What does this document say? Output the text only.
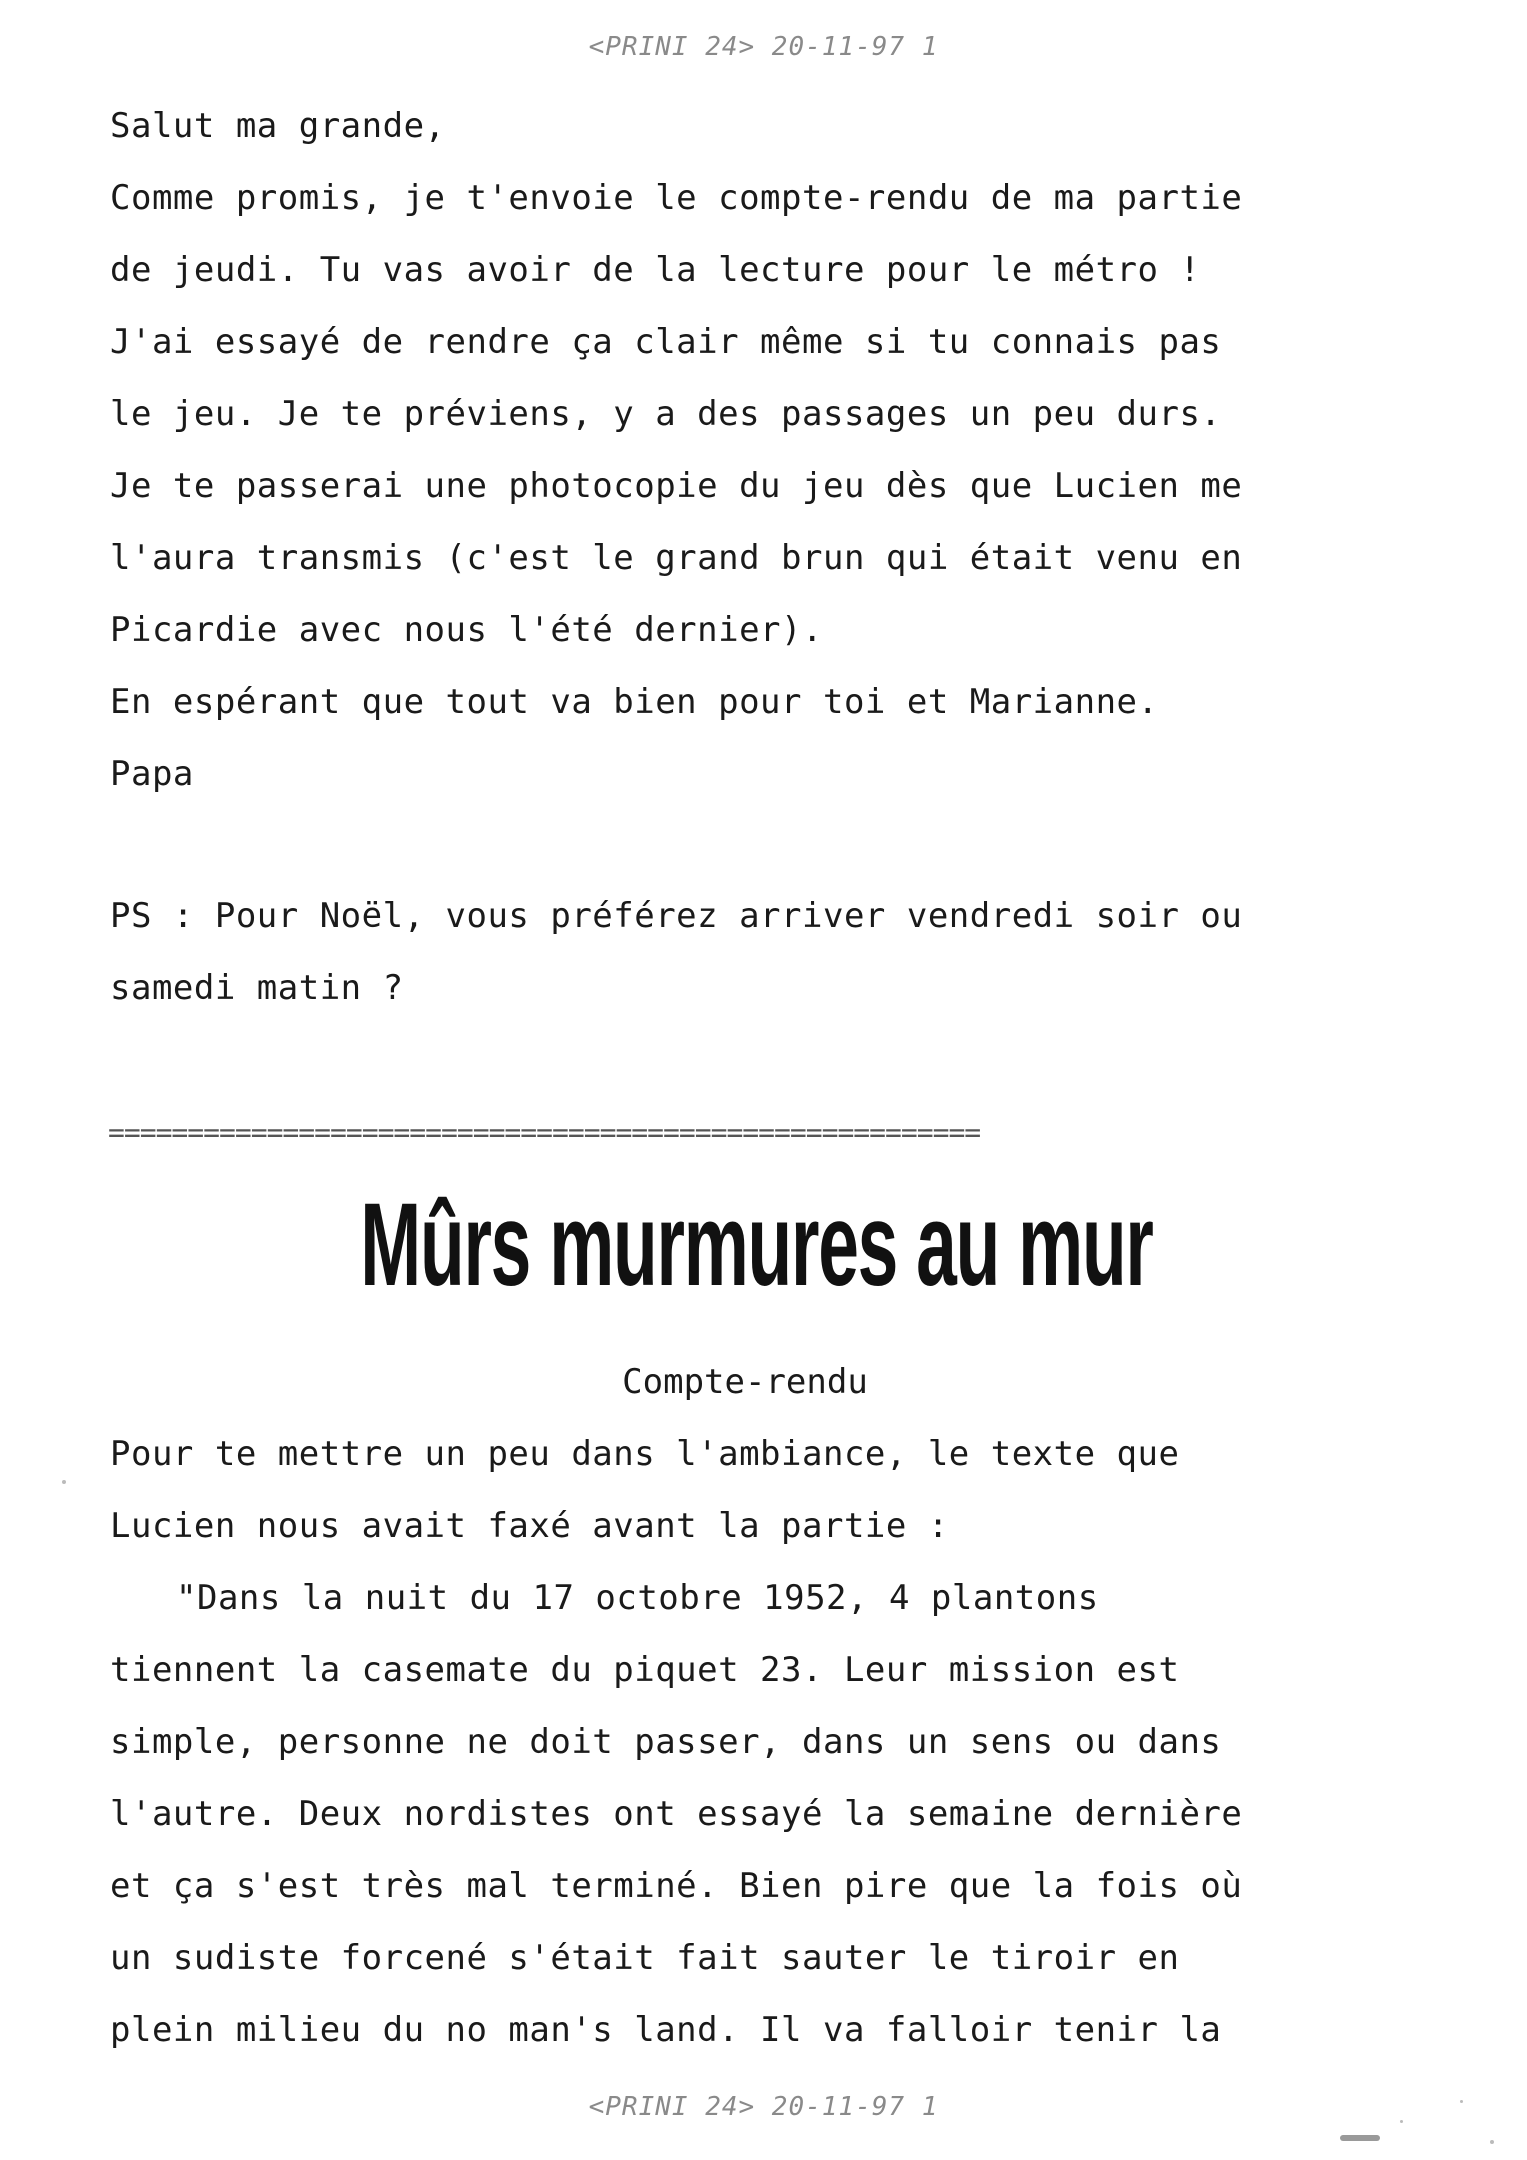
<PRINI 24> 20-11-97 1
Salut ma grande,
Comme promis, je t'envoie le compte-rendu de ma partie
de jeudi. Tu vas avoir de la lecture pour le métro !
J'ai essayé de rendre ça clair même si tu connais pas
le jeu. Je te préviens, y a des passages un peu durs.
Je te passerai une photocopie du jeu dès que Lucien me
l'aura transmis (c'est le grand brun qui était venu en
Picardie avec nous l'été dernier).
En espérant que tout va bien pour toi et Marianne.
Papa
PS : Pour Noël, vous préférez arriver vendredi soir ou
samedi matin ?
=======================================================
Mûrs murmures au mur
Compte-rendu
Pour te mettre un peu dans l'ambiance, le texte que
Lucien nous avait faxé avant la partie :
"Dans la nuit du 17 octobre 1952, 4 plantons
tiennent la casemate du piquet 23. Leur mission est
simple, personne ne doit passer, dans un sens ou dans
l'autre. Deux nordistes ont essayé la semaine dernière
et ça s'est très mal terminé. Bien pire que la fois où
un sudiste forcené s'était fait sauter le tiroir en
plein milieu du no man's land. Il va falloir tenir la
<PRINI 24> 20-11-97 1
